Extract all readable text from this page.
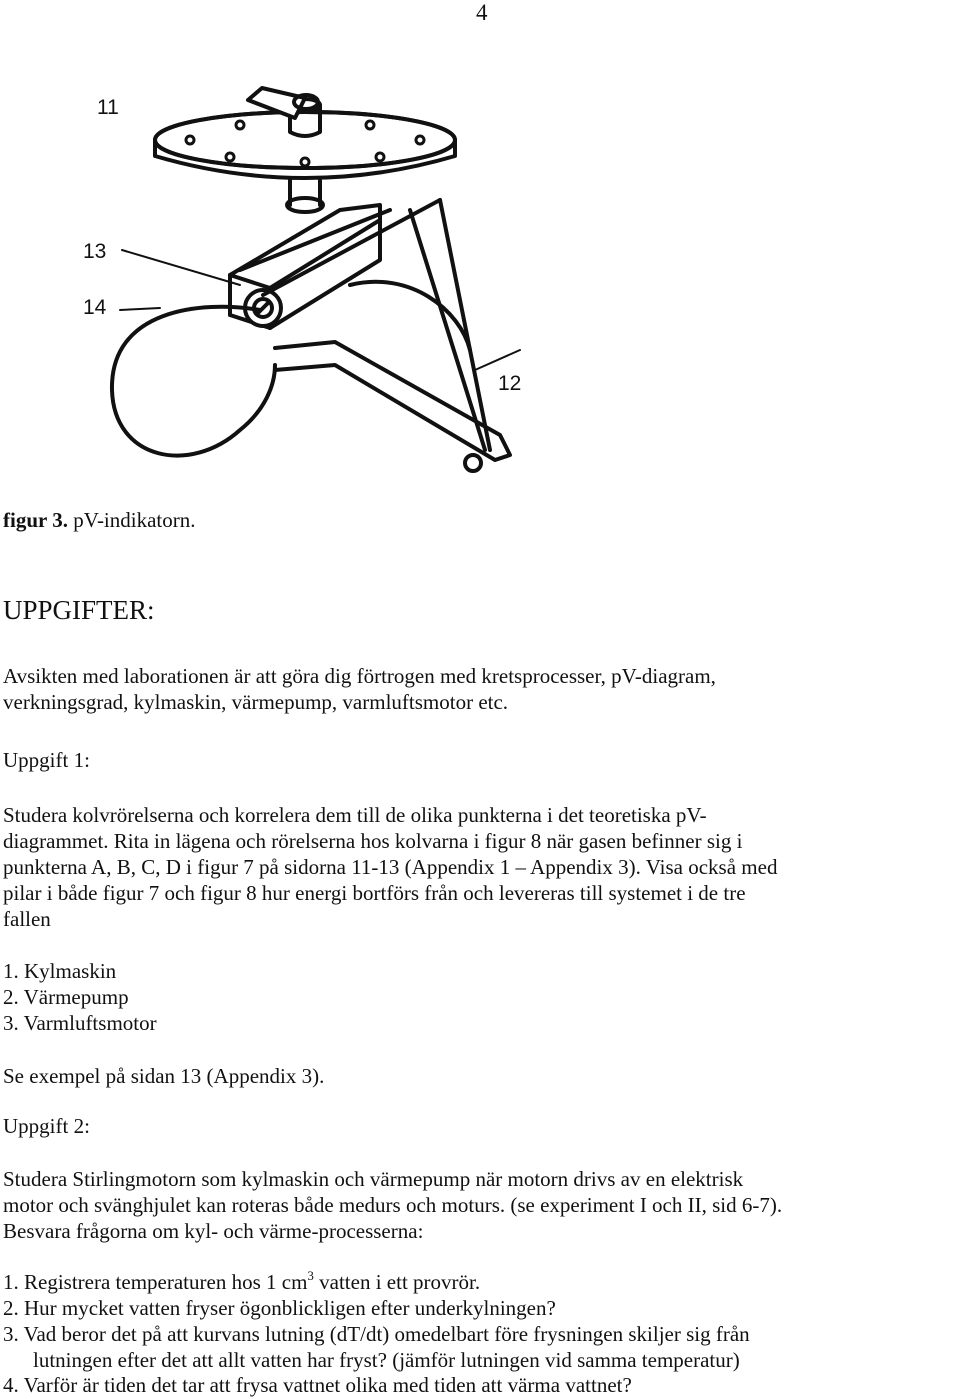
4
11
13
14
12
figur 3. pV-indikatorn.
UPPGIFTER:
Avsikten med laborationen är att göra dig förtrogen med kretsprocesser, pV-diagram,
verkningsgrad, kylmaskin, värmepump, varmluftsmotor etc.
Uppgift 1:
Studera kolvrörelserna och korrelera dem till de olika punkterna i det teoretiska pV-
diagrammet. Rita in lägena och rörelserna hos kolvarna i figur 8 när gasen befinner sig i
punkterna A, B, C, D i figur 7 på sidorna 11-13 (Appendix 1 – Appendix 3). Visa också med
pilar i både figur 7 och figur 8 hur energi bortförs från och levereras till systemet i de tre
fallen
1. Kylmaskin
2. Värmepump
3. Varmluftsmotor
Se exempel på sidan 13 (Appendix 3).
Uppgift 2:
Studera Stirlingmotorn som kylmaskin och värmepump när motorn drivs av en elektrisk
motor och svänghjulet kan roteras både medurs och moturs. (se experiment I och II, sid 6-7).
Besvara frågorna om kyl- och värme-processerna:
1. Registrera temperaturen hos 1 $cm^3$ vatten i ett provrör.
2. Hur mycket vatten fryser ögonblickligen efter underkylningen?
3. Vad beror det på att kurvans lutning (dT/dt) omedelbart före frysningen skiljer sig från
lutningen efter det att allt vatten har fryst? (jämför lutningen vid samma temperatur)
4. Varför är tiden det tar att frysa vattnet olika med tiden att värma vattnet?
